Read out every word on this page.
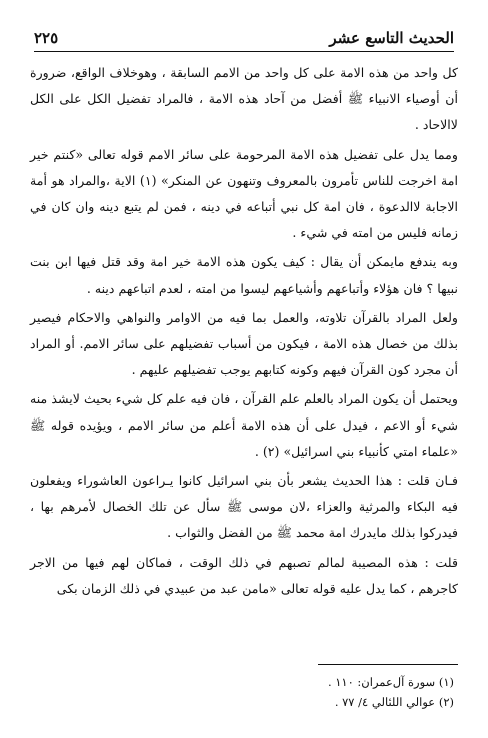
الحديث التاسع عشر
٢٢٥

كل واحد من هذه الامة على كل واحد من الامم السابقة ، وهوخلاف الواقع، ضرورة أن أوصياء الانبياء ﷺ أفضل من آحاد هذه الامة ، فالمراد تفضيل الكل على الكل لاالاحاد .

ومما يدل على تفضيل هذه الامة المرحومة على سائر الامم قوله تعالى «كنتم خير امة اخرجت للناس تأمرون بالمعروف وتنهون عن المنكر» (١) الاية ،والمراد هو أمة الاجابة لاالدعوة ، فان امة كل نبي أتباعه في دينه ، فمن لم يتبع دينه وان كان في زمانه فليس من امته في شيء .

وبه يندفع مايمكن أن يقال : كيف يكون هذه الامة خير امة وقد قتل فيها ابن بنت نبيها ؟ فان هؤلاء وأتباعهم وأشياعهم ليسوا من امته ، لعدم اتباعهم دينه .

ولعل المراد بالقرآن تلاوته، والعمل بما فيه من الاوامر والنواهي والاحكام فيصير بذلك من خصال هذه الامة ، فيكون من أسباب تفضيلهم على سائر الامم. أو المراد أن مجرد كون القرآن فيهم وكونه كتابهم يوجب تفضيلهم عليهم .

ويحتمل أن يكون المراد بالعلم علم القرآن ، فان فيه علم كل شيء بحيث لايشذ منه شيء أو الاعم ، فيدل على أن هذه الامة أعلم من سائر الامم ، ويؤيده قوله ﷺ «علماء امتي كأنبياء بني اسرائيل» (٢) .

فـان قلت : هذا الحديث يشعر بأن بني اسرائيل كانوا يـراعون العاشوراء ويفعلون فيه البكاء والمرثية والعزاء ،لان موسى ﷺ سأل عن تلك الخصال لأمرهم بها ، فيدركوا بذلك مايدرك امة محمد ﷺ من الفضل والثواب .

قلت : هذه المصيبة لمالم تصبهم في ذلك الوقت ، فماكان لهم فيها من الاجر كاجرهم ، كما يدل عليه قوله تعالى «مامن عبد من عبيدي في ذلك الزمان بكى

(١) سورة آل‌عمران: ١١٠ .

(٢) عوالي اللئالي ٤/ ٧٧ .
